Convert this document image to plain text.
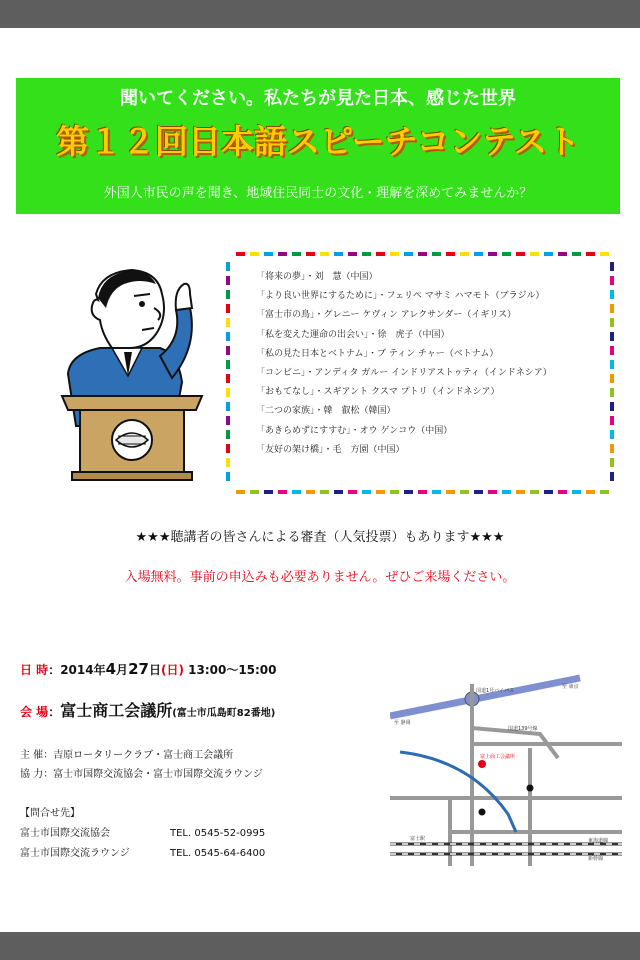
聞いてください。私たちが見た日本、感じた世界
第１２回日本語スピーチコンテスト
外国人市民の声を聞き、地域住民同士の文化・理解を深めてみませんか？
「将来の夢」・刘　慧（中国）
「より良い世界にするために」・フェリペ マサミ ハマモト（ブラジル）
「富士市の鳥」・グレニー ケヴィン アレクサンダー（イギリス）
「私を変えた運命の出会い」・徐　虎子（中国）
「私の見た日本とベトナム」・ブ ティン チャー（ベトナム）
「コンビニ」・アンディタ ガルー インドリアストゥティ（インドネシア）
「おもてなし」・スギアント クスマ プトリ（インドネシア）
「二つの家族」・韓　叡松（韓国）
「あきらめずにすすむ」・オウ ゲンコウ（中国）
「友好の架け橋」・毛　方園（中国）
★★★聴講者の皆さんによる審査（人気投票）もあります★★★
入場無料。事前の申込みも必要ありません。ぜひご来場ください。
日 時：2014年4月27日(日) 13:00～15:00
会 場：富士商工会議所(富士市瓜島町82番地)
主 催：吉原ロータリークラブ・富士商工会議所
協 力：富士市国際交流協会・富士市国際交流ラウンジ
【問合せ先】
富士市国際交流協会	TEL. 0545-52-0995
富士市国際交流ラウンジ	TEL. 0545-64-6400
国道1号バイパス
至 東京
至 静岡
国道139号線
富士商工会議所
富士駅	東海道線
新幹線
